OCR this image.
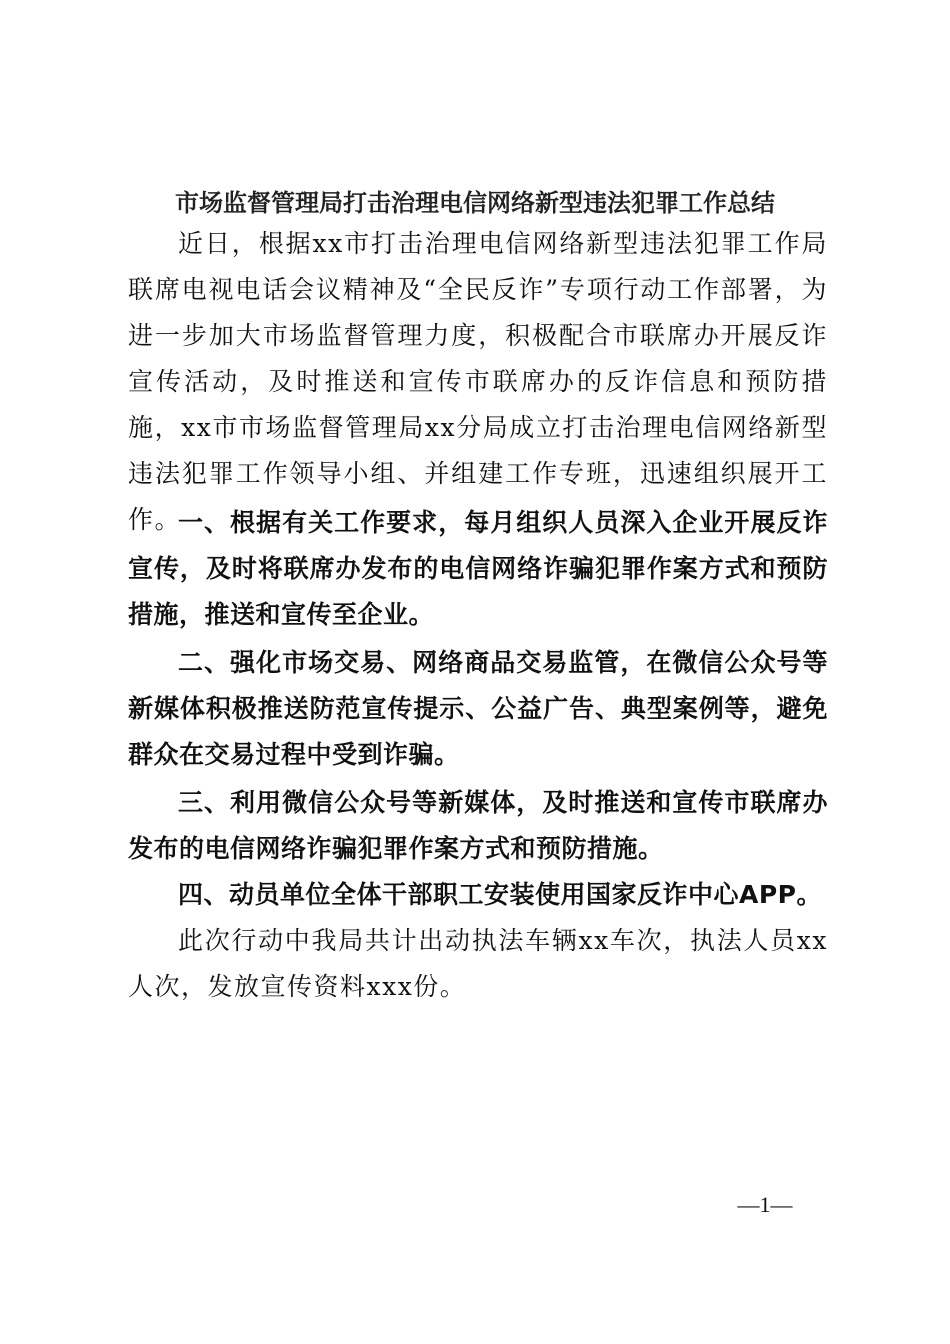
市场监督管理局打击治理电信网络新型违法犯罪工作总结

近日，根据xx市打击治理电信网络新型违法犯罪工作局联席电视电话会议精神及“全民反诈”专项行动工作部署，为进一步加大市场监督管理力度，积极配合市联席办开展反诈宣传活动，及时推送和宣传市联席办的反诈信息和预防措施，xx市市场监督管理局xx分局成立打击治理电信网络新型违法犯罪工作领导小组、并组建工作专班，迅速组织展开工作。

一、根据有关工作要求，每月组织人员深入企业开展反诈宣传，及时将联席办发布的电信网络诈骗犯罪作案方式和预防措施，推送和宣传至企业。

二、强化市场交易、网络商品交易监管，在微信公众号等新媒体积极推送防范宣传提示、公益广告、典型案例等，避免群众在交易过程中受到诈骗。

三、利用微信公众号等新媒体，及时推送和宣传市联席办发布的电信网络诈骗犯罪作案方式和预防措施。

四、动员单位全体干部职工安装使用国家反诈中心APP。

此次行动中我局共计出动执法车辆xx车次，执法人员xx人次，发放宣传资料xxx份。

—1—
